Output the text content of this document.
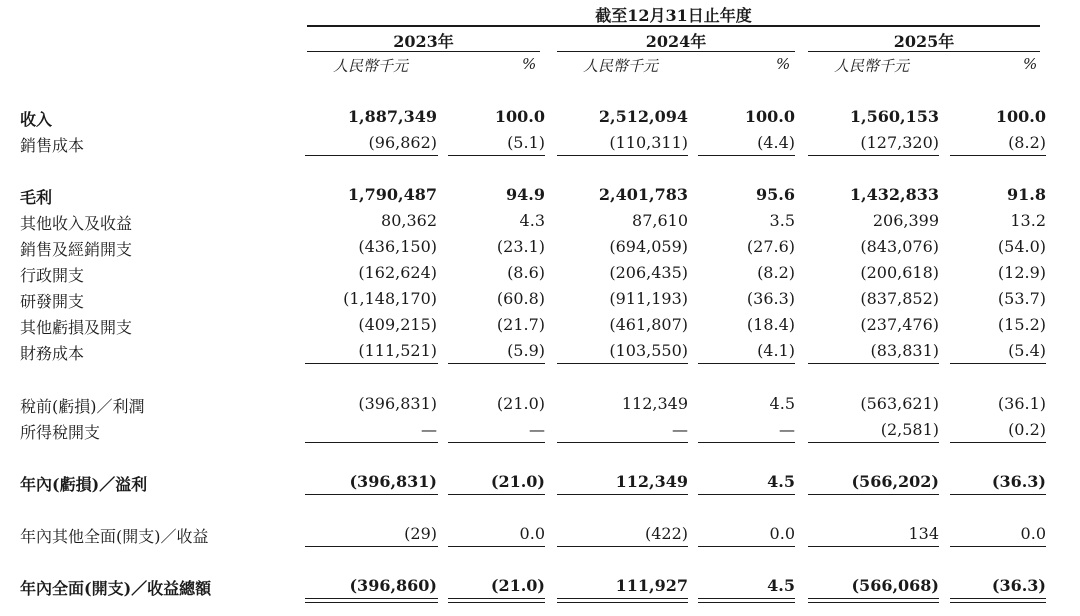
截至12月31日止年度
2023年	2024年	2025年
人民幣千元	%	人民幣千元	%	人民幣千元	%
收入	1,887,349	100.0	2,512,094	100.0	1,560,153	100.0
銷售成本	(96,862)	(5.1)	(110,311)	(4.4)	(127,320)	(8.2)
毛利	1,790,487	94.9	2,401,783	95.6	1,432,833	91.8
其他收入及收益	80,362	4.3	87,610	3.5	206,399	13.2
銷售及經銷開支	(436,150)	(23.1)	(694,059)	(27.6)	(843,076)	(54.0)
行政開支	(162,624)	(8.6)	(206,435)	(8.2)	(200,618)	(12.9)
研發開支	(1,148,170)	(60.8)	(911,193)	(36.3)	(837,852)	(53.7)
其他虧損及開支	(409,215)	(21.7)	(461,807)	(18.4)	(237,476)	(15.2)
財務成本	(111,521)	(5.9)	(103,550)	(4.1)	(83,831)	(5.4)
稅前(虧損)／利潤	(396,831)	(21.0)	112,349	4.5	(563,621)	(36.1)
所得稅開支	—	—	—	—	(2,581)	(0.2)
年內(虧損)／溢利	(396,831)	(21.0)	112,349	4.5	(566,202)	(36.3)
年內其他全面(開支)／收益	(29)	0.0	(422)	0.0	134	0.0
年內全面(開支)／收益總額	(396,860)	(21.0)	111,927	4.5	(566,068)	(36.3)
